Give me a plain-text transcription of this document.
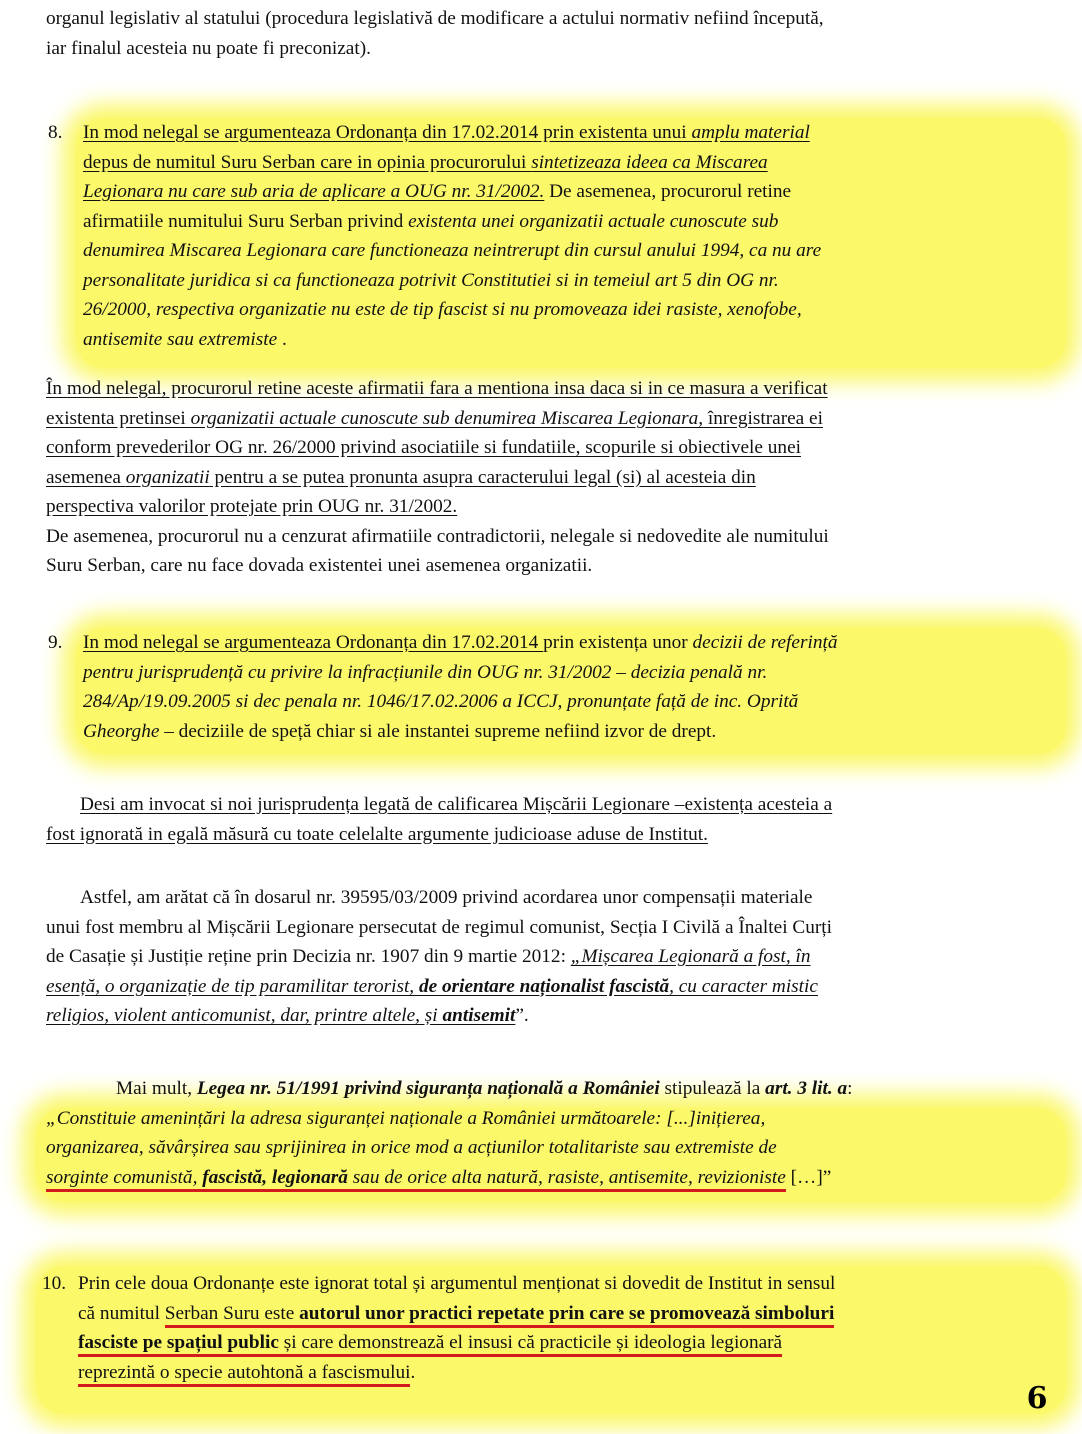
organul legislativ al statului (procedura legislativă de modificare a actului normativ nefiind începută,

iar finalul acesteia nu poate fi preconizat).

8. In mod nelegal se argumenteaza Ordonanța din 17.02.2014 prin existenta unui amplu material

depus de numitul Suru Serban care in opinia procurorului sintetizeaza ideea ca Miscarea

Legionara nu care sub aria de aplicare a OUG nr. 31/2002. De asemenea, procurorul retine

afirmatiile numitului Suru Serban privind existenta unei organizatii actuale cunoscute sub

denumirea Miscarea Legionara care functioneaza neintrerupt din cursul anului 1994, ca nu are

personalitate juridica si ca functioneaza potrivit Constitutiei si in temeiul art 5 din OG nr.

26/2000, respectiva organizatie nu este de tip fascist si nu promoveaza idei rasiste, xenofobe,

antisemite sau extremiste .

În mod nelegal, procurorul retine aceste afirmatii fara a mentiona insa daca si in ce masura a verificat

existenta pretinsei organizatii actuale cunoscute sub denumirea Miscarea Legionara, înregistrarea ei

conform prevederilor OG nr. 26/2000 privind asociatiile si fundatiile, scopurile si obiectivele unei

asemenea organizatii pentru a se putea pronunta asupra caracterului legal (si) al acesteia din

perspectiva valorilor protejate prin OUG nr. 31/2002.

De asemenea, procurorul nu a cenzurat afirmatiile contradictorii, nelegale si nedovedite ale numitului

Suru Serban, care nu face dovada existentei unei asemenea organizatii.

9. In mod nelegal se argumenteaza Ordonanța din 17.02.2014 prin existența unor decizii de referință

pentru jurisprudență cu privire la infracțiunile din OUG nr. 31/2002 – decizia penală nr.

284/Ap/19.09.2005 si dec penala nr. 1046/17.02.2006 a ICCJ, pronunțate față de inc. Oprită

Gheorghe – deciziile de speță chiar si ale instantei supreme nefiind izvor de drept.

Desi am invocat si noi jurisprudența legată de calificarea Mișcării Legionare –existența acesteia a

fost ignorată in egală măsură cu toate celelalte argumente judicioase aduse de Institut.

Astfel, am arătat că în dosarul nr. 39595/03/2009 privind acordarea unor compensații materiale

unui fost membru al Mișcării Legionare persecutat de regimul comunist, Secția I Civilă a Înaltei Curți

de Casație și Justiție reține prin Decizia nr. 1907 din 9 martie 2012: „Mișcarea Legionară a fost, în

esență, o organizație de tip paramilitar terorist, de orientare naționalist fascistă, cu caracter mistic

religios, violent anticomunist, dar, printre altele, și antisemit”.

Mai mult, Legea nr. 51/1991 privind siguranța națională a României stipulează la art. 3 lit. a:

„Constituie amenințări la adresa siguranței naționale a României următoarele: [...]inițierea,

organizarea, săvârșirea sau sprijinirea in orice mod a acțiunilor totalitariste sau extremiste de

sorginte comunistă, fascistă, legionară sau de orice alta natură, rasiste, antisemite, revizioniste […]”

10. Prin cele doua Ordonanțe este ignorat total și argumentul menționat si dovedit de Institut in sensul

că numitul Serban Suru este autorul unor practici repetate prin care se promovează simboluri

fasciste pe spațiul public și care demonstrează el insusi că practicile și ideologia legionară

reprezintă o specie autohtonă a fascismului.

6
